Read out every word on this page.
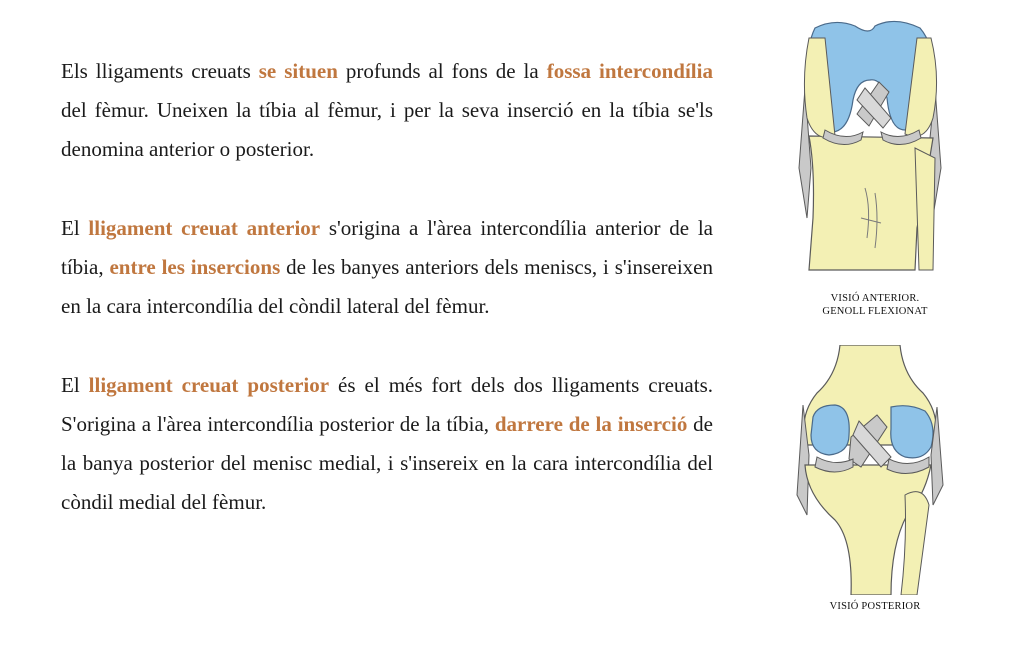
Els lligaments creuats se situen profunds al fons de la fossa intercondília del fèmur. Uneixen la tíbia al fèmur, i per la seva inserció en la tíbia se'ls denomina anterior o posterior.

El lligament creuat anterior s'origina a l'àrea intercondília anterior de la tíbia, entre les insercions de les banyes anteriors dels meniscs, i s'insereixen en la cara intercondília del còndil lateral del fèmur.

El lligament creuat posterior és el més fort dels dos lligaments creuats. S'origina a l'àrea intercondília posterior de la tíbia, darrere de la inserció de la banya posterior del menisc medial, i s'insereix en la cara intercondília del còndil medial del fèmur.

VISIÓ ANTERIOR.
GENOLL FLEXIONAT
VISIÓ POSTERIOR
